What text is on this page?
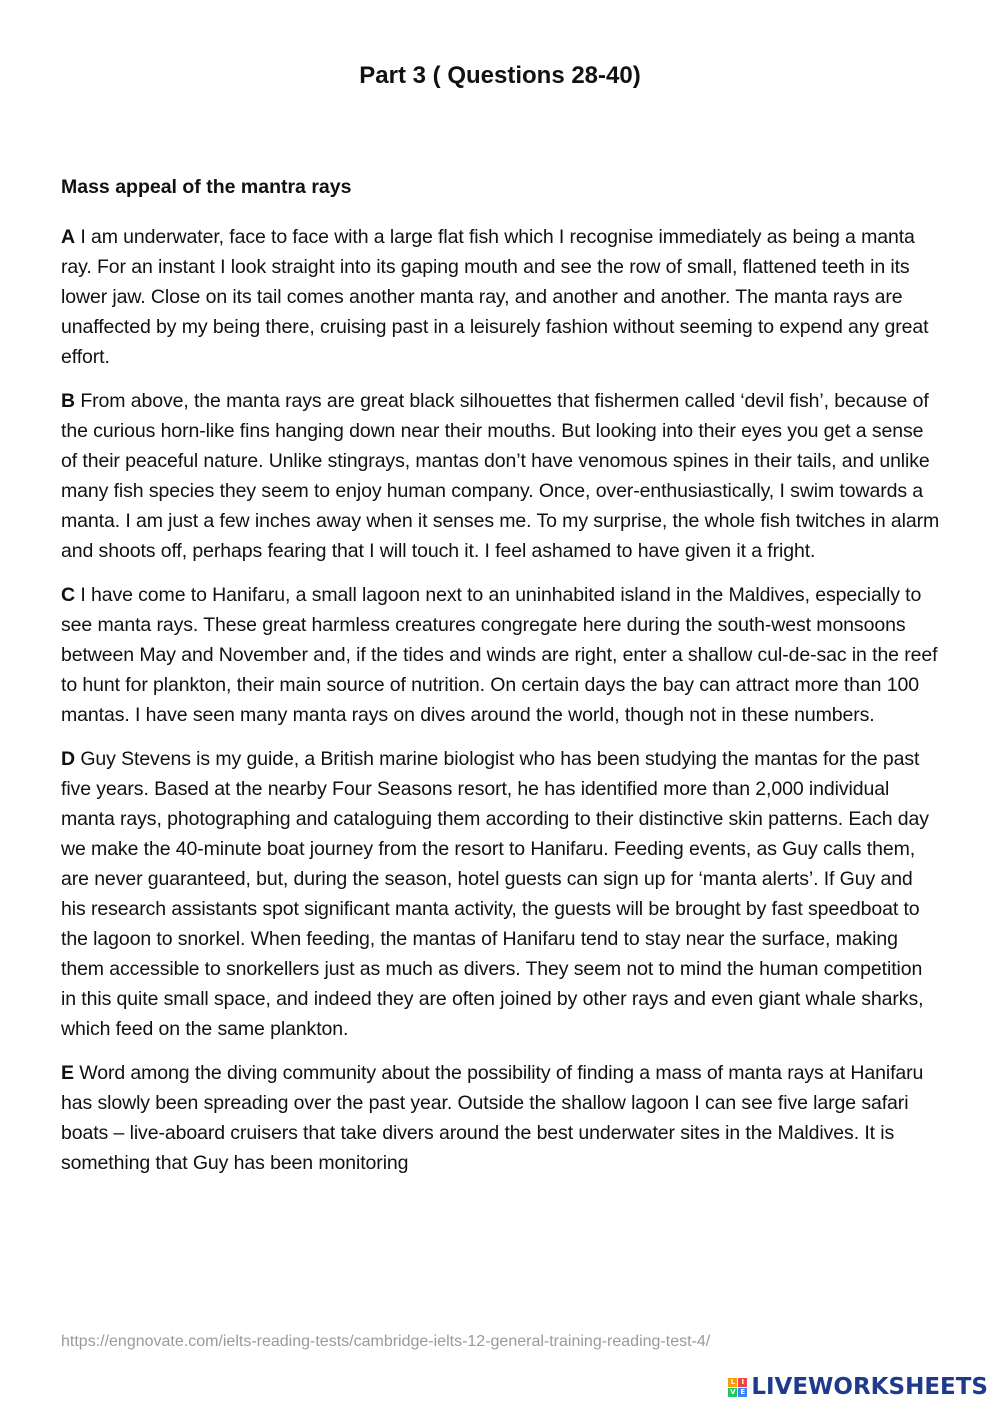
Part 3 ( Questions 28-40)
Mass appeal of the mantra rays

A I am underwater, face to face with a large flat fish which I recognise immediately as being a manta ray. For an instant I look straight into its gaping mouth and see the row of small, flattened teeth in its lower jaw. Close on its tail comes another manta ray, and another and another. The manta rays are unaffected by my being there, cruising past in a leisurely fashion without seeming to expend any great effort.

B From above, the manta rays are great black silhouettes that fishermen called ‘devil fish’, because of the curious horn-like fins hanging down near their mouths. But looking into their eyes you get a sense of their peaceful nature. Unlike stingrays, mantas don’t have venomous spines in their tails, and unlike many fish species they seem to enjoy human company. Once, over-enthusiastically, I swim towards a manta. I am just a few inches away when it senses me. To my surprise, the whole fish twitches in alarm and shoots off, perhaps fearing that I will touch it. I feel ashamed to have given it a fright.

C I have come to Hanifaru, a small lagoon next to an uninhabited island in the Maldives, especially to see manta rays. These great harmless creatures congregate here during the south-west monsoons between May and November and, if the tides and winds are right, enter a shallow cul-de-sac in the reef to hunt for plankton, their main source of nutrition. On certain days the bay can attract more than 100 mantas. I have seen many manta rays on dives around the world, though not in these numbers.

D Guy Stevens is my guide, a British marine biologist who has been studying the mantas for the past five years. Based at the nearby Four Seasons resort, he has identified more than 2,000 individual manta rays, photographing and cataloguing them according to their distinctive skin patterns. Each day we make the 40-minute boat journey from the resort to Hanifaru. Feeding events, as Guy calls them, are never guaranteed, but, during the season, hotel guests can sign up for ‘manta alerts’. If Guy and his research assistants spot significant manta activity, the guests will be brought by fast speedboat to the lagoon to snorkel. When feeding, the mantas of Hanifaru tend to stay near the surface, making them accessible to snorkellers just as much as divers. They seem not to mind the human competition in this quite small space, and indeed they are often joined by other rays and even giant whale sharks, which feed on the same plankton.

E Word among the diving community about the possibility of finding a mass of manta rays at Hanifaru has slowly been spreading over the past year. Outside the shallow lagoon I can see five large safari boats – live-aboard cruisers that take divers around the best underwater sites in the Maldives. It is something that Guy has been monitoring

https://engnovate.com/ielts-reading-tests/cambridge-ielts-12-general-training-reading-test-4/

L I
V E LIVEWORKSHEETS
